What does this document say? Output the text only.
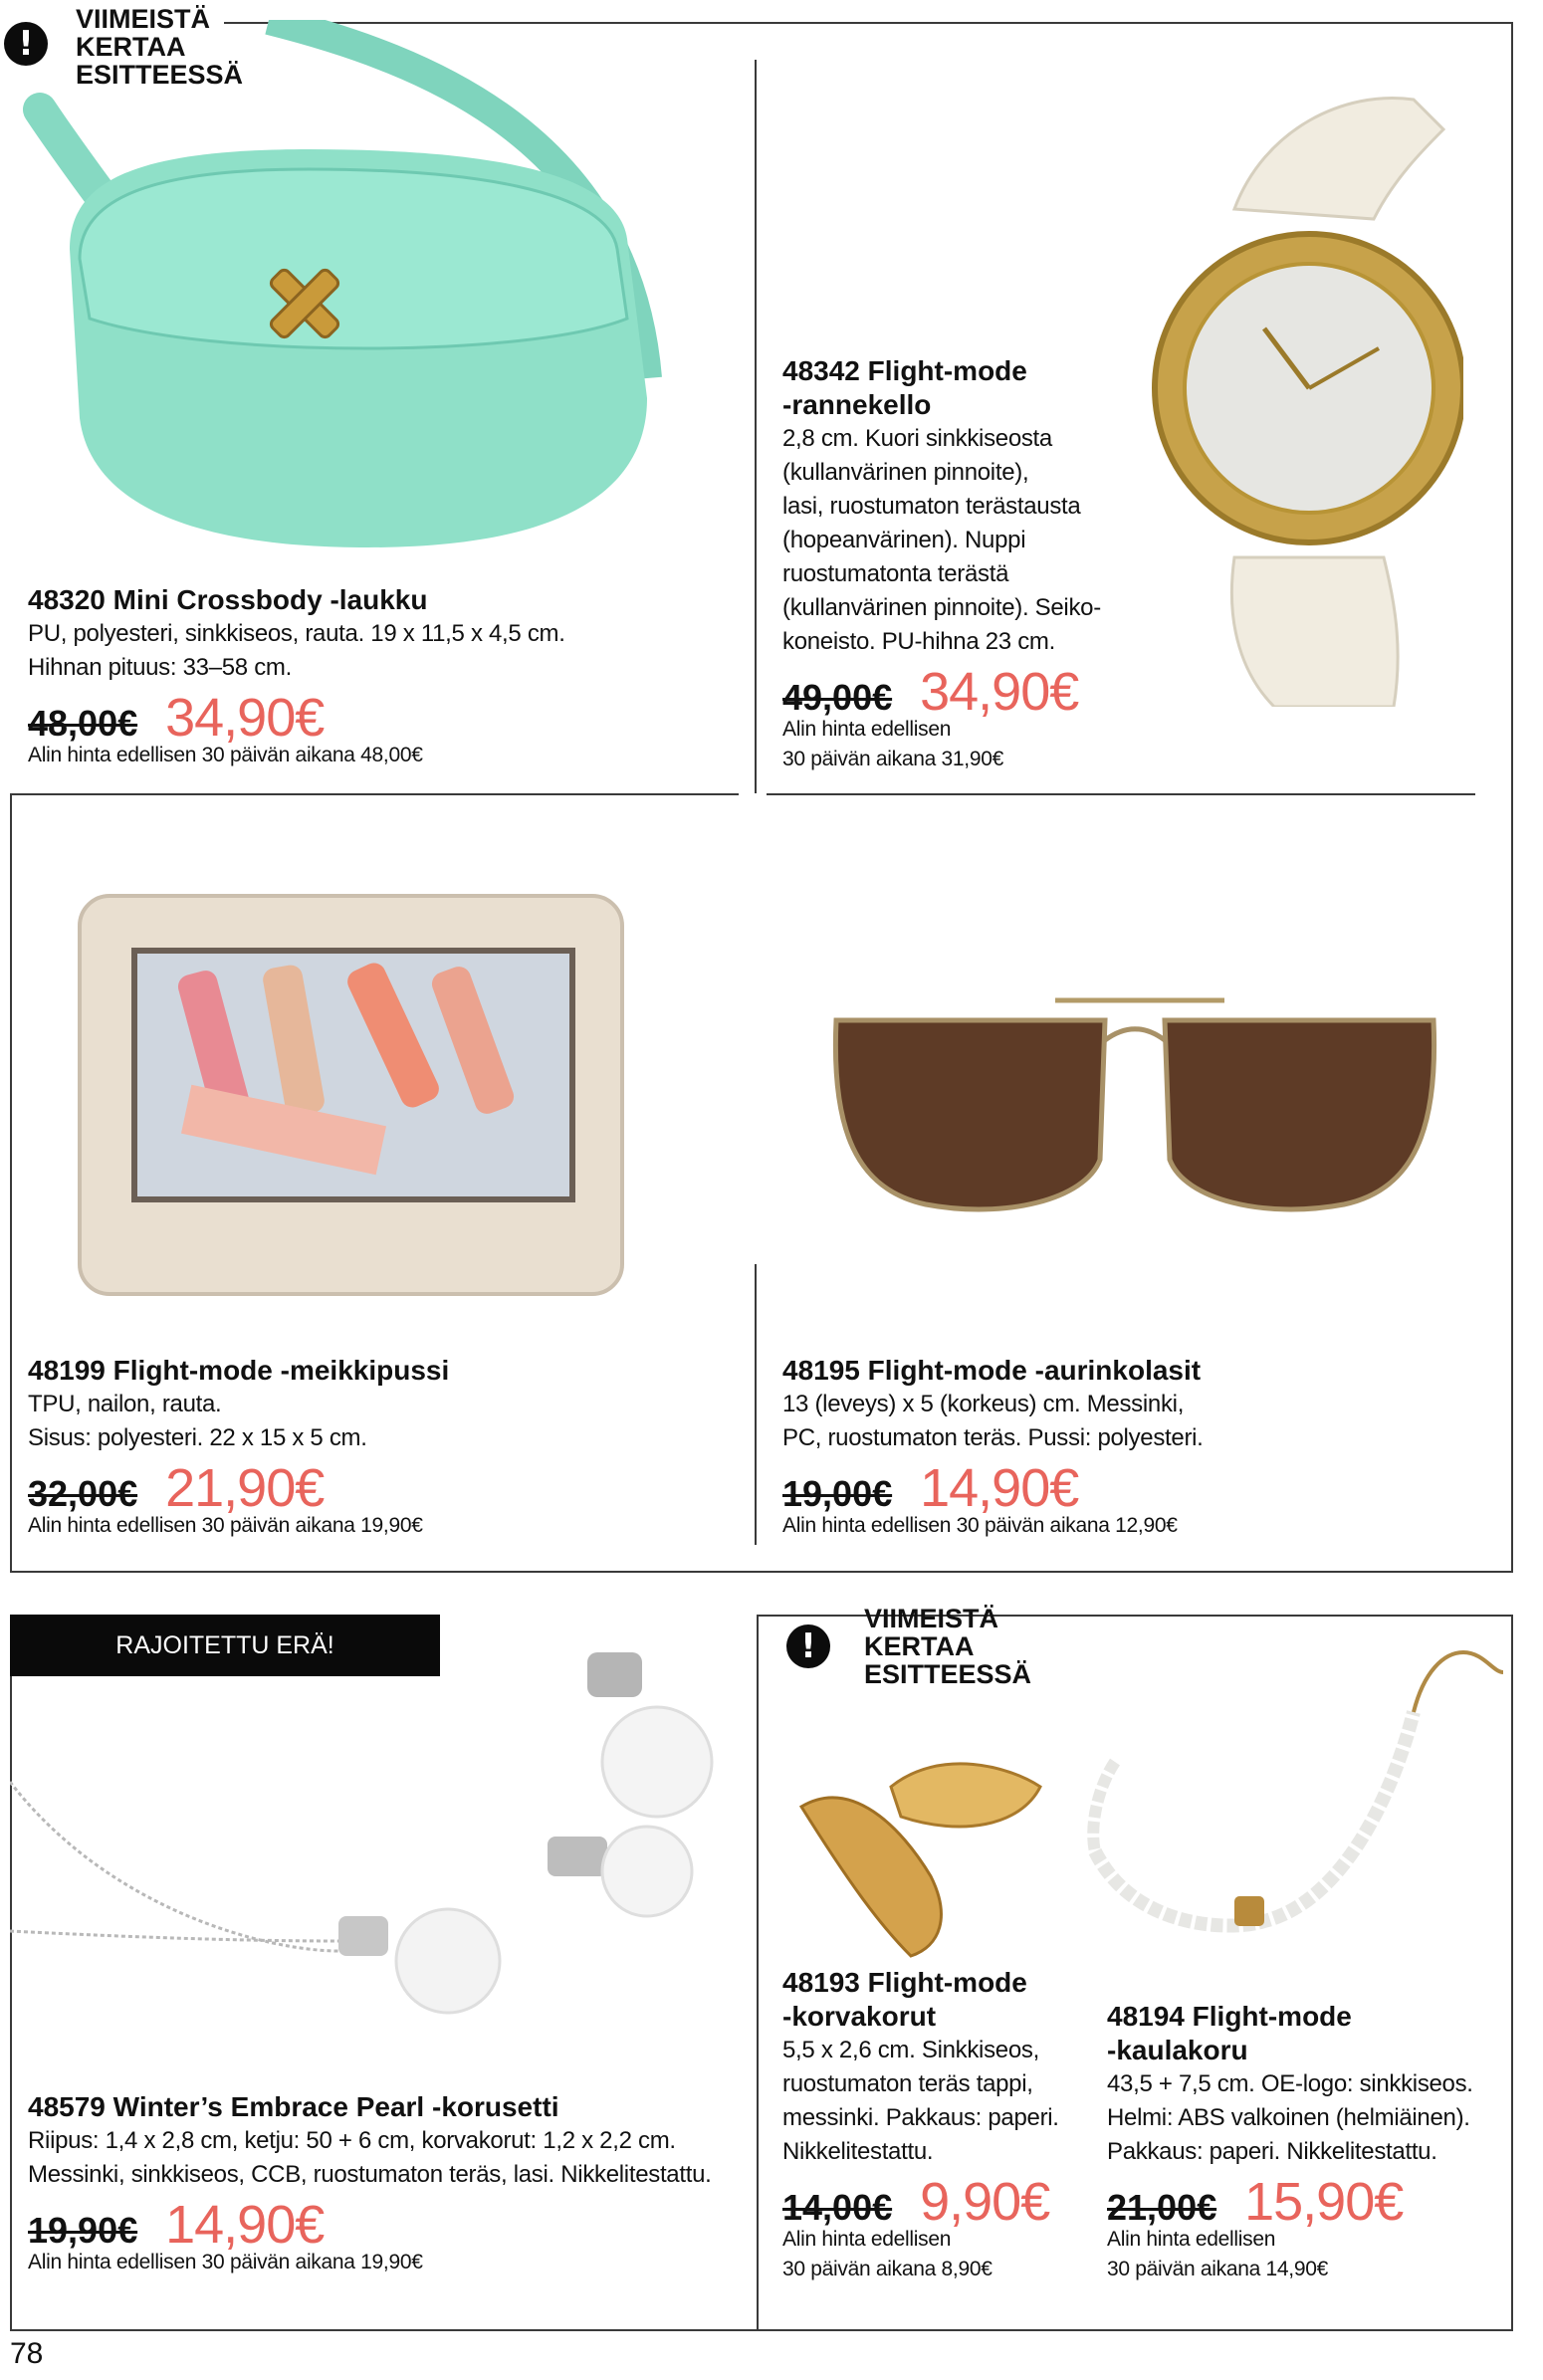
!
VIIMEISTÄ
KERTAA
ESITTEESSÄ
48320 Mini Crossbody -laukku
PU, polyesteri, sinkkiseos, rauta. 19 x 11,5 x 4,5 cm.
Hihnan pituus: 33–58 cm.
48,00€ 34,90€
Alin hinta edellisen 30 päivän aikana 48,00€
48342 Flight-mode
-rannekello
2,8 cm. Kuori sinkkiseosta
(kullanvärinen pinnoite),
lasi, ruostumaton terästausta
(hopeanvärinen). Nuppi
ruostumatonta terästä
(kullanvärinen pinnoite). Seiko-
koneisto. PU-hihna 23 cm.
49,00€ 34,90€
Alin hinta edellisen
30 päivän aikana 31,90€
48199 Flight-mode -meikkipussi
TPU, nailon, rauta.
Sisus: polyesteri. 22 x 15 x 5 cm.
32,00€ 21,90€
Alin hinta edellisen 30 päivän aikana 19,90€
48195 Flight-mode -aurinkolasit
13 (leveys) x 5 (korkeus) cm. Messinki,
PC, ruostumaton teräs. Pussi: polyesteri.
19,00€ 14,90€
Alin hinta edellisen 30 päivän aikana 12,90€
RAJOITETTU ERÄ!	!
VIIMEISTÄ
KERTAA
ESITTEESSÄ
48579 Winter’s Embrace Pearl -korusetti
Riipus: 1,4 x 2,8 cm, ketju: 50 + 6 cm, korvakorut: 1,2 x 2,2 cm.
Messinki, sinkkiseos, CCB, ruostumaton teräs, lasi. Nikkelitestattu.
19,90€ 14,90€
Alin hinta edellisen 30 päivän aikana 19,90€
48193 Flight-mode
-korvakorut
5,5 x 2,6 cm. Sinkkiseos,
ruostumaton teräs tappi,
messinki. Pakkaus: paperi.
Nikkelitestattu.
14,00€ 9,90€
Alin hinta edellisen
30 päivän aikana 8,90€
48194 Flight-mode
-kaulakoru
43,5 + 7,5 cm. OE-logo: sinkkiseos.
Helmi: ABS valkoinen (helmiäinen).
Pakkaus: paperi. Nikkelitestattu.
21,00€ 15,90€
Alin hinta edellisen
30 päivän aikana 14,90€
78
